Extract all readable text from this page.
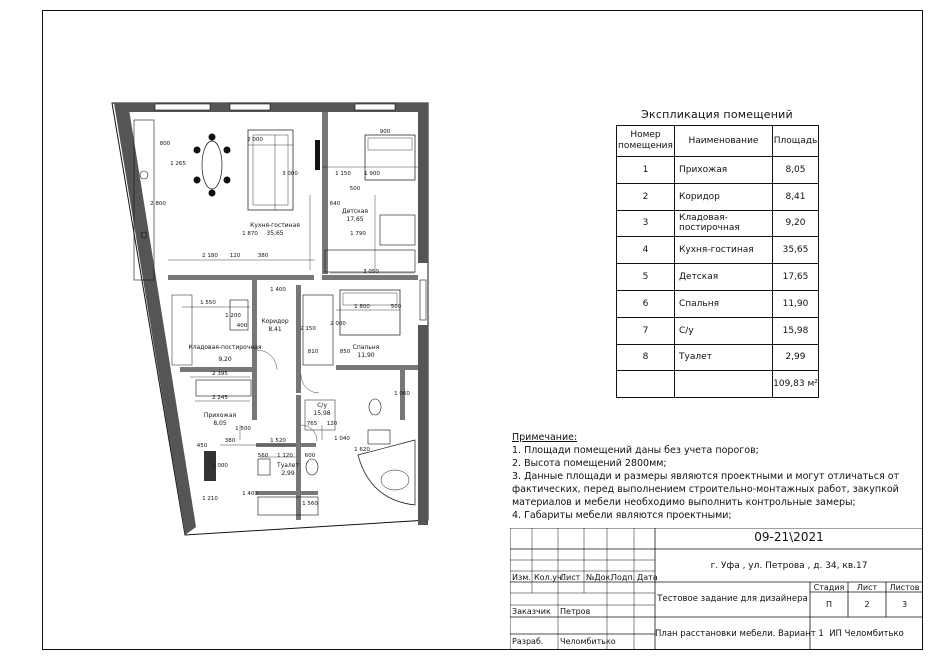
Кухня-гостиная
35,65
Детская
17,65
Коридор
8,41
Кладовая-постирочная
9,20
Спальня
11,90
Прихожая
8,05
С/у
15,98
Туалет
2,99
2 000
3 000
1 870
2 180 120	380
1 150 1 900
640
500
1 790
3 050
1 400
1 550
1 200
400
2 395
2 245
1 500
380	1 520
1 800
2 000
500
850
810
2 150
1 060
1 040
1 620
765 120
560 1 120 600
1 400
1 560
1 210
450
1 000
900
1 265
800
2 800
Экспликация помещений
Номер помещения	Наименование	Площадь
1	Прихожая	8,05
2	Коридор	8,41
3	Кладовая-постирочная	9,20
4	Кухня-гостиная	35,65
5	Детская	17,65
6	Спальня	11,90
7	С/у	15,98
8	Туалет	2,99
		109,83 м²
Примечание:
1. Площади помещений даны без учета порогов;
2. Высота помещений 2800мм;
3. Данные площади и размеры являются проектными и могут отличаться от
фактических, перед выполнением строительно-монтажных работ, закупкой
материалов и мебели необходимо выполнить контрольные замеры;
4. Габариты мебели являются проектными;
Изм. Кол.уч.
Лист №Док.
Подп. Дата
09-21\2021
г. Уфа , ул. Петрова , д. 34, кв.17
Тестовое задание для дизайнера
Стадия	Лист	Листов
П	2	3
Заказчик Петров
Разраб. Челомбитько
План расстановки мебели. Вариант 1 ИП Челомбитько
